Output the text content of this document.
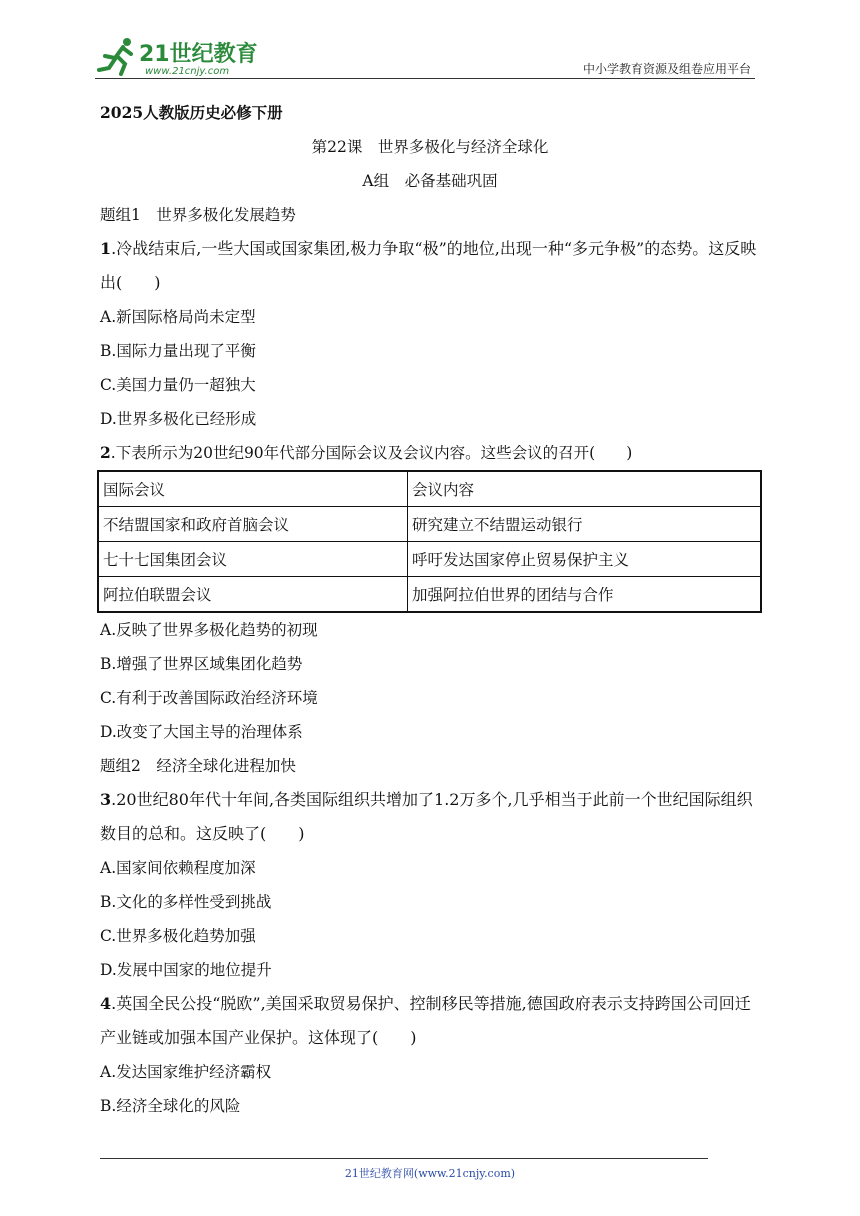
21世纪教育
www.21cnjy.com	中小学教育资源及组卷应用平台
2025人教版历史必修下册
第22课　世界多极化与经济全球化
A组　必备基础巩固
题组1　世界多极化发展趋势
1.冷战结束后,一些大国或国家集团,极力争取“极”的地位,出现一种“多元争极”的态势。这反映出(　　)
A.新国际格局尚未定型
B.国际力量出现了平衡
C.美国力量仍一超独大
D.世界多极化已经形成
2.下表所示为20世纪90年代部分国际会议及会议内容。这些会议的召开(　　)
国际会议	会议内容
不结盟国家和政府首脑会议	研究建立不结盟运动银行
七十七国集团会议	呼吁发达国家停止贸易保护主义
阿拉伯联盟会议	加强阿拉伯世界的团结与合作
A.反映了世界多极化趋势的初现
B.增强了世界区域集团化趋势
C.有利于改善国际政治经济环境
D.改变了大国主导的治理体系
题组2　经济全球化进程加快
3.20世纪80年代十年间,各类国际组织共增加了1.2万多个,几乎相当于此前一个世纪国际组织数目的总和。这反映了(　　)
A.国家间依赖程度加深
B.文化的多样性受到挑战
C.世界多极化趋势加强
D.发展中国家的地位提升
4.英国全民公投“脱欧”,美国采取贸易保护、控制移民等措施,德国政府表示支持跨国公司回迁产业链或加强本国产业保护。这体现了(　　)
A.发达国家维护经济霸权
B.经济全球化的风险
21世纪教育网(www.21cnjy.com)
